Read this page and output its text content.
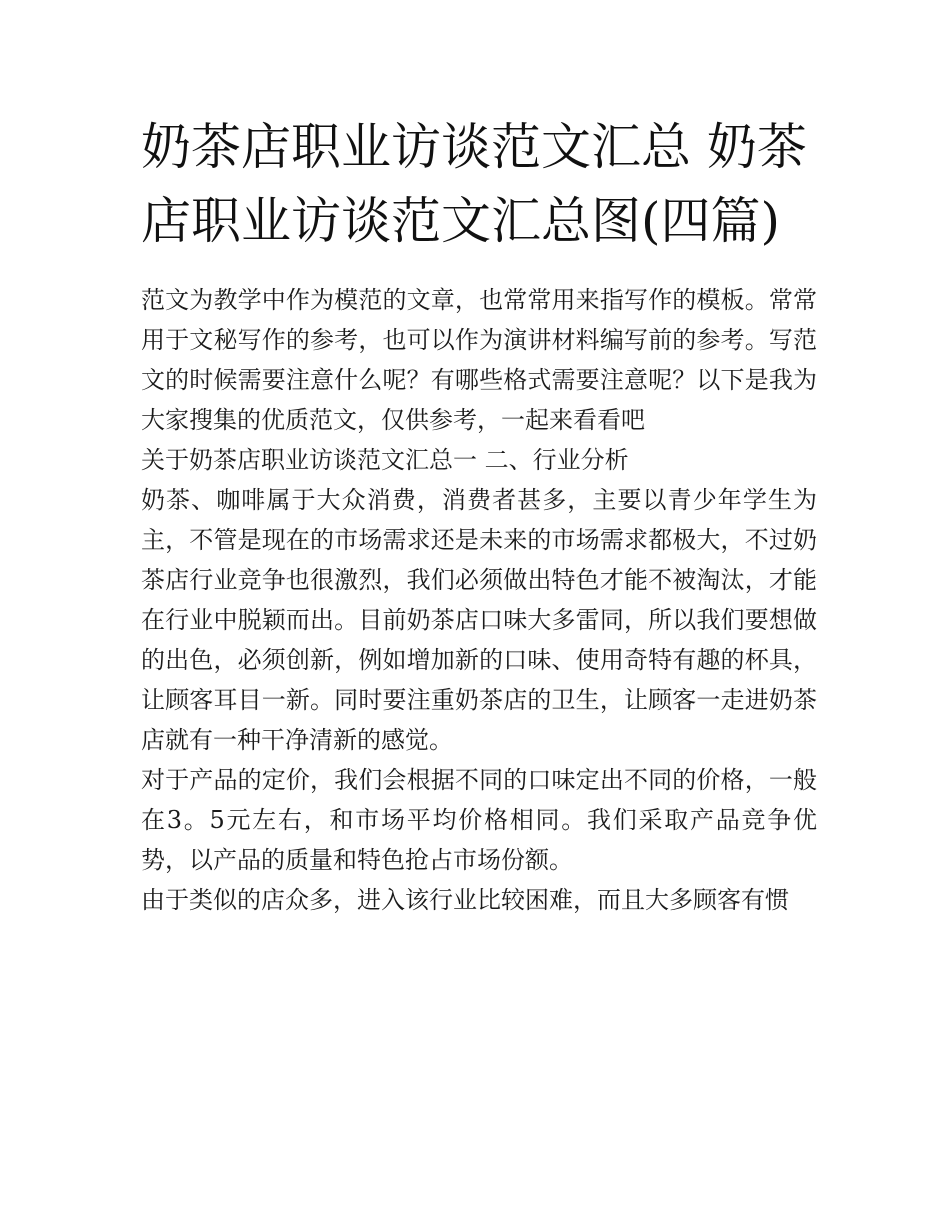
奶茶店职业访谈范文汇总 奶茶店职业访谈范文汇总图(四篇)

范文为教学中作为模范的文章，也常常用来指写作的模板。常常用于文秘写作的参考，也可以作为演讲材料编写前的参考。写范文的时候需要注意什么呢？有哪些格式需要注意呢？以下是我为大家搜集的优质范文，仅供参考，一起来看看吧

关于奶茶店职业访谈范文汇总一 二、行业分析

奶茶、咖啡属于大众消费，消费者甚多，主要以青少年学生为主，不管是现在的市场需求还是未来的市场需求都极大，不过奶茶店行业竞争也很激烈，我们必须做出特色才能不被淘汰，才能在行业中脱颖而出。目前奶茶店口味大多雷同，所以我们要想做的出色，必须创新，例如增加新的口味、使用奇特有趣的杯具，让顾客耳目一新。同时要注重奶茶店的卫生，让顾客一走进奶茶店就有一种干净清新的感觉。

对于产品的定价，我们会根据不同的口味定出不同的价格，一般在3。5元左右，和市场平均价格相同。我们采取产品竞争优势，以产品的质量和特色抢占市场份额。

由于类似的店众多，进入该行业比较困难，而且大多顾客有惯
